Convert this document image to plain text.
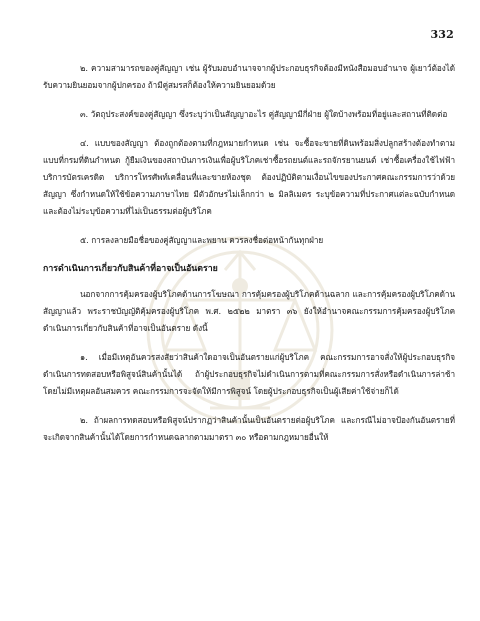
332

๒. ความสามารถของคู่สัญญา เช่น ผู้รับมอบอำนาจจากผู้ประกอบธุรกิจต้องมีหนังสือมอบอำนาจ ผู้เยาว์ต้องได้รับความยินยอมจากผู้ปกครอง ถ้ามีคู่สมรสก็ต้องให้ความยินยอมด้วย

๓. วัตถุประสงค์ของคู่สัญญา ซึ่งระบุว่าเป็นสัญญาอะไร คู่สัญญามีกี่ฝ่าย ผู้ใดบ้างพร้อมที่อยู่และสถานที่ติดต่อ

๔. แบบของสัญญา ต้องถูกต้องตามที่กฎหมายกำหนด เช่น จะซื้อจะขายที่ดินพร้อมสิ่งปลูกสร้างต้องทำตามแบบที่กรมที่ดินกำหนด กู้ยืมเงินของสถาบันการเงินเพื่อผู้บริโภคเช่าซื้อรถยนต์และรถจักรยานยนต์ เช่าซื้อเครื่องใช้ไฟฟ้า บริการบัตรเครดิต บริการโทรศัพท์เคลื่อนที่และขายห้องชุด ต้องปฏิบัติตามเงื่อนไขของประกาศคณะกรรมการว่าด้วยสัญญา ซึ่งกำหนดให้ใช้ข้อความภาษาไทย มีตัวอักษรไม่เล็กกว่า ๒ มิลลิเมตร ระบุข้อความที่ประกาศแต่ละฉบับกำหนดและต้องไม่ระบุข้อความที่ไม่เป็นธรรมต่อผู้บริโภค

๕. การลงลายมือชื่อของคู่สัญญาและพยาน ควรลงชื่อต่อหน้ากันทุกฝ่าย

การดำเนินการเกี่ยวกับสินค้าที่อาจเป็นอันตราย

นอกจากการคุ้มครองผู้บริโภคด้านการโฆษณา การคุ้มครองผู้บริโภคด้านฉลาก และการคุ้มครองผู้บริโภคด้านสัญญาแล้ว พระราชบัญญัติคุ้มครองผู้บริโภค พ.ศ. ๒๕๒๒ มาตรา ๓๖ ยังให้อำนาจคณะกรรมการคุ้มครองผู้บริโภคดำเนินการเกี่ยวกับสินค้าที่อาจเป็นอันตราย ดังนี้

๑. เมื่อมีเหตุอันควรสงสัยว่าสินค้าใดอาจเป็นอันตรายแก่ผู้บริโภค คณะกรรมการอาจสั่งให้ผู้ประกอบธุรกิจดำเนินการทดสอบหรือพิสูจน์สินค้านั้นได้ ถ้าผู้ประกอบธุรกิจไม่ดำเนินการตามที่คณะกรรมการสั่งหรือดำเนินการล่าช้า โดยไม่มีเหตุผลอันสมควร คณะกรรมการจะจัดให้มีการพิสูจน์ โดยผู้ประกอบธุรกิจเป็นผู้เสียค่าใช้จ่ายก็ได้

๒. ถ้าผลการทดสอบหรือพิสูจน์ปรากฏว่าสินค้านั้นเป็นอันตรายต่อผู้บริโภค และกรณีไม่อาจป้องกันอันตรายที่จะเกิดจากสินค้านั้นได้โดยการกำหนดฉลากตามมาตรา ๓๐ หรือตามกฎหมายอื่นให้
